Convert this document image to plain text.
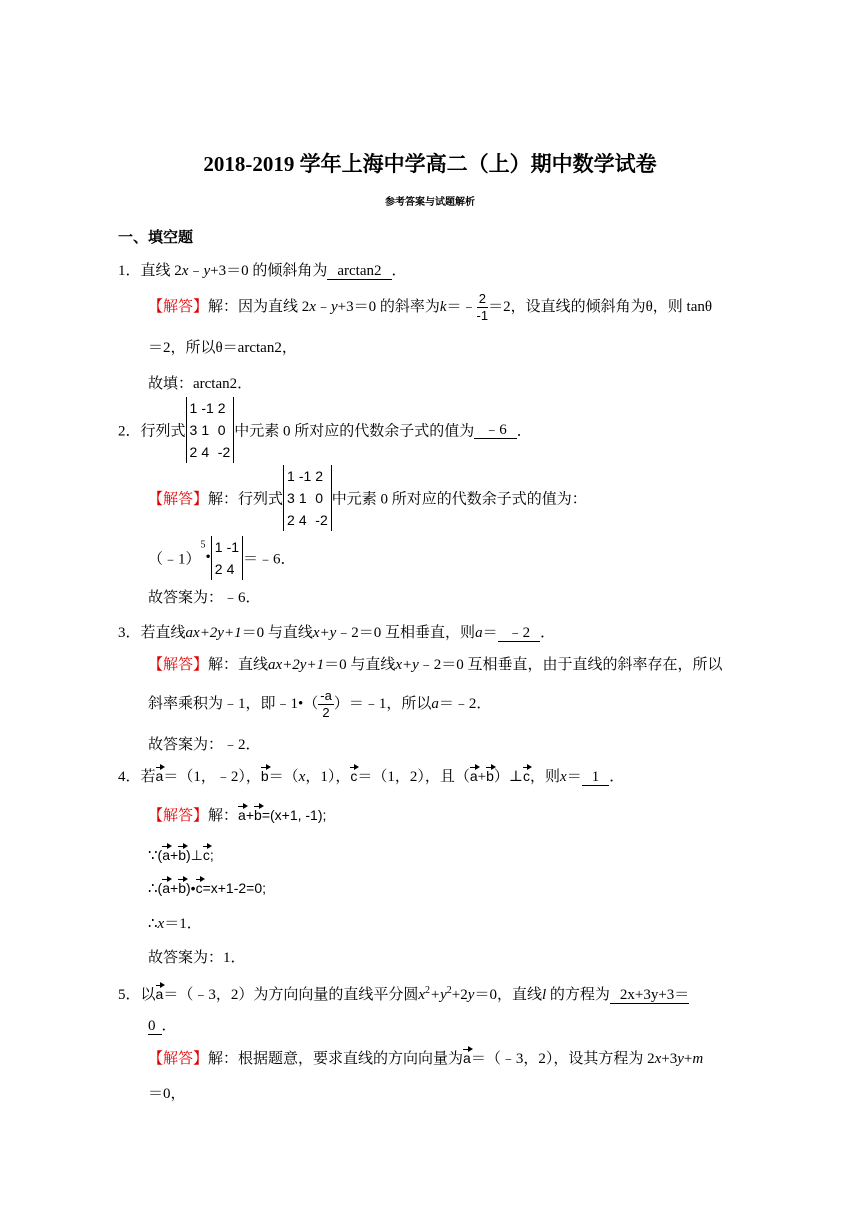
2018-2019 学年上海中学高二（上）期中数学试卷
参考答案与试题解析
一、填空题
1．直线 2x﹣y+3＝0 的倾斜角为 arctan2 ．
【解答】解：因为直线 2x﹣y+3＝0 的斜率为k＝﹣ $\frac{2}{-1} =2$，设直线的倾斜角为θ，则 tanθ
＝2，所以θ＝arctan2，
故填：arctan2．
2．行列式
1	-1	2
3	1	0
2	4	-2
中元素 0 所对应的代数余子式的值为 ﹣6 ．
【解答】解：行列式
1	-1	2
3	1	0
2	4	-2
中元素 0 所对应的代数余子式的值为：
（﹣1）$^5$•
1	-1
2	4
＝﹣6．
故答案为：﹣6．
3．若直线ax+2y+1＝0 与直线x+y﹣2＝0 互相垂直，则a＝ ﹣2 ．
【解答】解：直线ax+2y+1＝0 与直线x+y﹣2＝0 互相垂直，由于直线的斜率存在，所以
斜率乘积为﹣1，即﹣1•（ $\frac{-a}{2}$ ）＝﹣1，所以a＝﹣2．
故答案为：﹣2．
4．若a＝（1，﹣2），b＝（x，1），c＝（1，2），且（a+b）⊥c，则x＝ 1 ．
【解答】解：a+b=(x+1, -1);
∵(a+b)⊥c;
∴(a+b)•c=x+1-2=0;
∴x＝1．
故答案为：1．
5．以a＝（﹣3，2）为方向向量的直线平分圆$x^2+y^2+2y=0$，直线l 的方程为 2x+3y+3＝
0 ．
【解答】解：根据题意，要求直线的方向向量为a＝（﹣3，2），设其方程为 2x+3y+m
＝0，
